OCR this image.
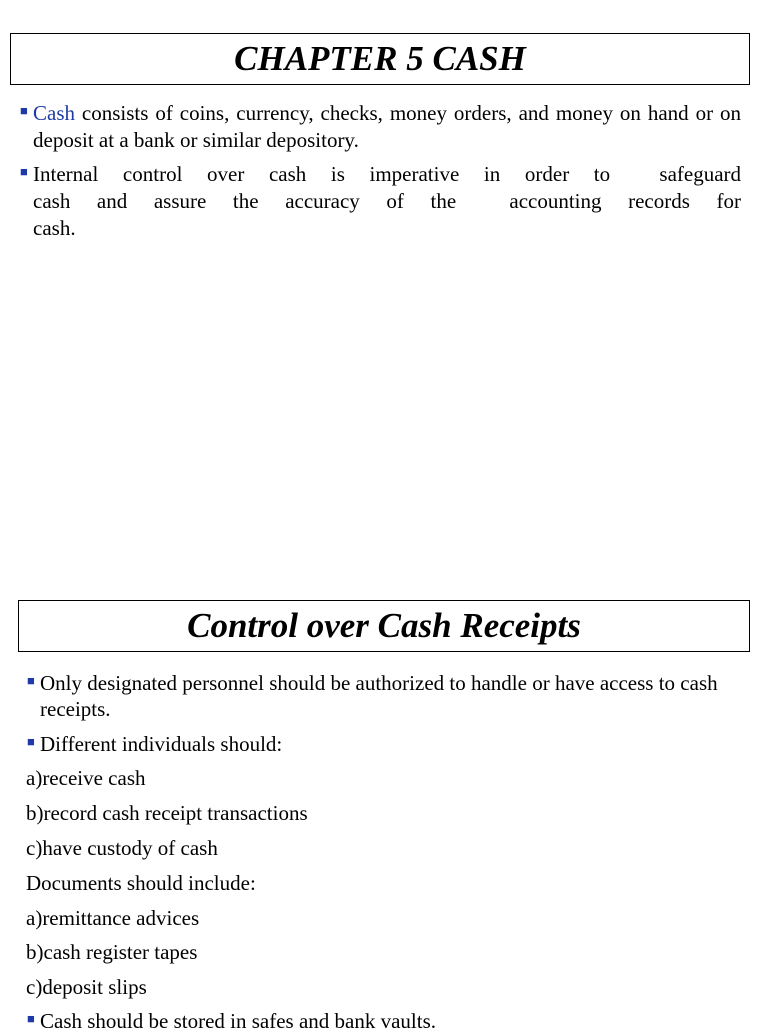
CHAPTER 5 CASH
■ Cash consists of coins, currency, checks, money orders, and money on hand or on deposit at a bank or similar depository.
■ Internal control over cash is imperative in order to safeguard
cash and assure the accuracy of the	accounting records for
cash.
Control over Cash Receipts
■ Only designated personnel should be authorized to handle or have access to cash receipts.
■ Different individuals should:
a)receive cash
b)record cash receipt transactions
c)have custody of cash
Documents should include:
a)remittance advices
b)cash register tapes
c)deposit slips
■ Cash should be stored in safes and bank vaults.
